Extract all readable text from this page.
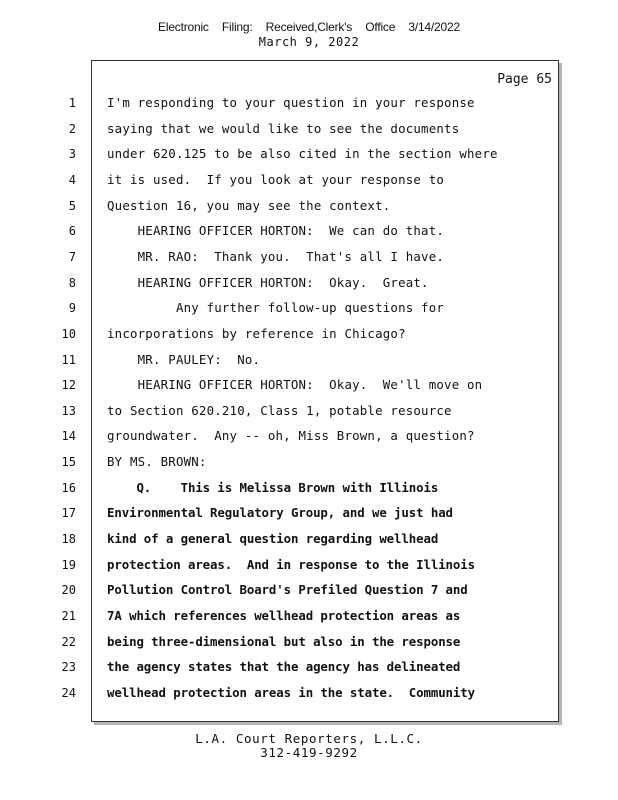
Electronic Filing: Received,Clerk's Office 3/14/2022
March 9, 2022
Page 65
1	I'm responding to your question in your response
2	saying that we would like to see the documents
3	under 620.125 to be also cited in the section where
4	it is used.  If you look at your response to
5	Question 16, you may see the context.
6	HEARING OFFICER HORTON:  We can do that.
7	MR. RAO:  Thank you.  That's all I have.
8	HEARING OFFICER HORTON:  Okay.  Great.
9	Any further follow-up questions for
10	incorporations by reference in Chicago?
11	MR. PAULEY:  No.
12	HEARING OFFICER HORTON:  Okay.  We'll move on
13	to Section 620.210, Class 1, potable resource
14	groundwater.  Any -- oh, Miss Brown, a question?
15	BY MS. BROWN:
16	Q.    This is Melissa Brown with Illinois
17	Environmental Regulatory Group, and we just had
18	kind of a general question regarding wellhead
19	protection areas.  And in response to the Illinois
20	Pollution Control Board's Prefiled Question 7 and
21	7A which references wellhead protection areas as
22	being three-dimensional but also in the response
23	the agency states that the agency has delineated
24	wellhead protection areas in the state.  Community
L.A. Court Reporters, L.L.C.
312-419-9292
